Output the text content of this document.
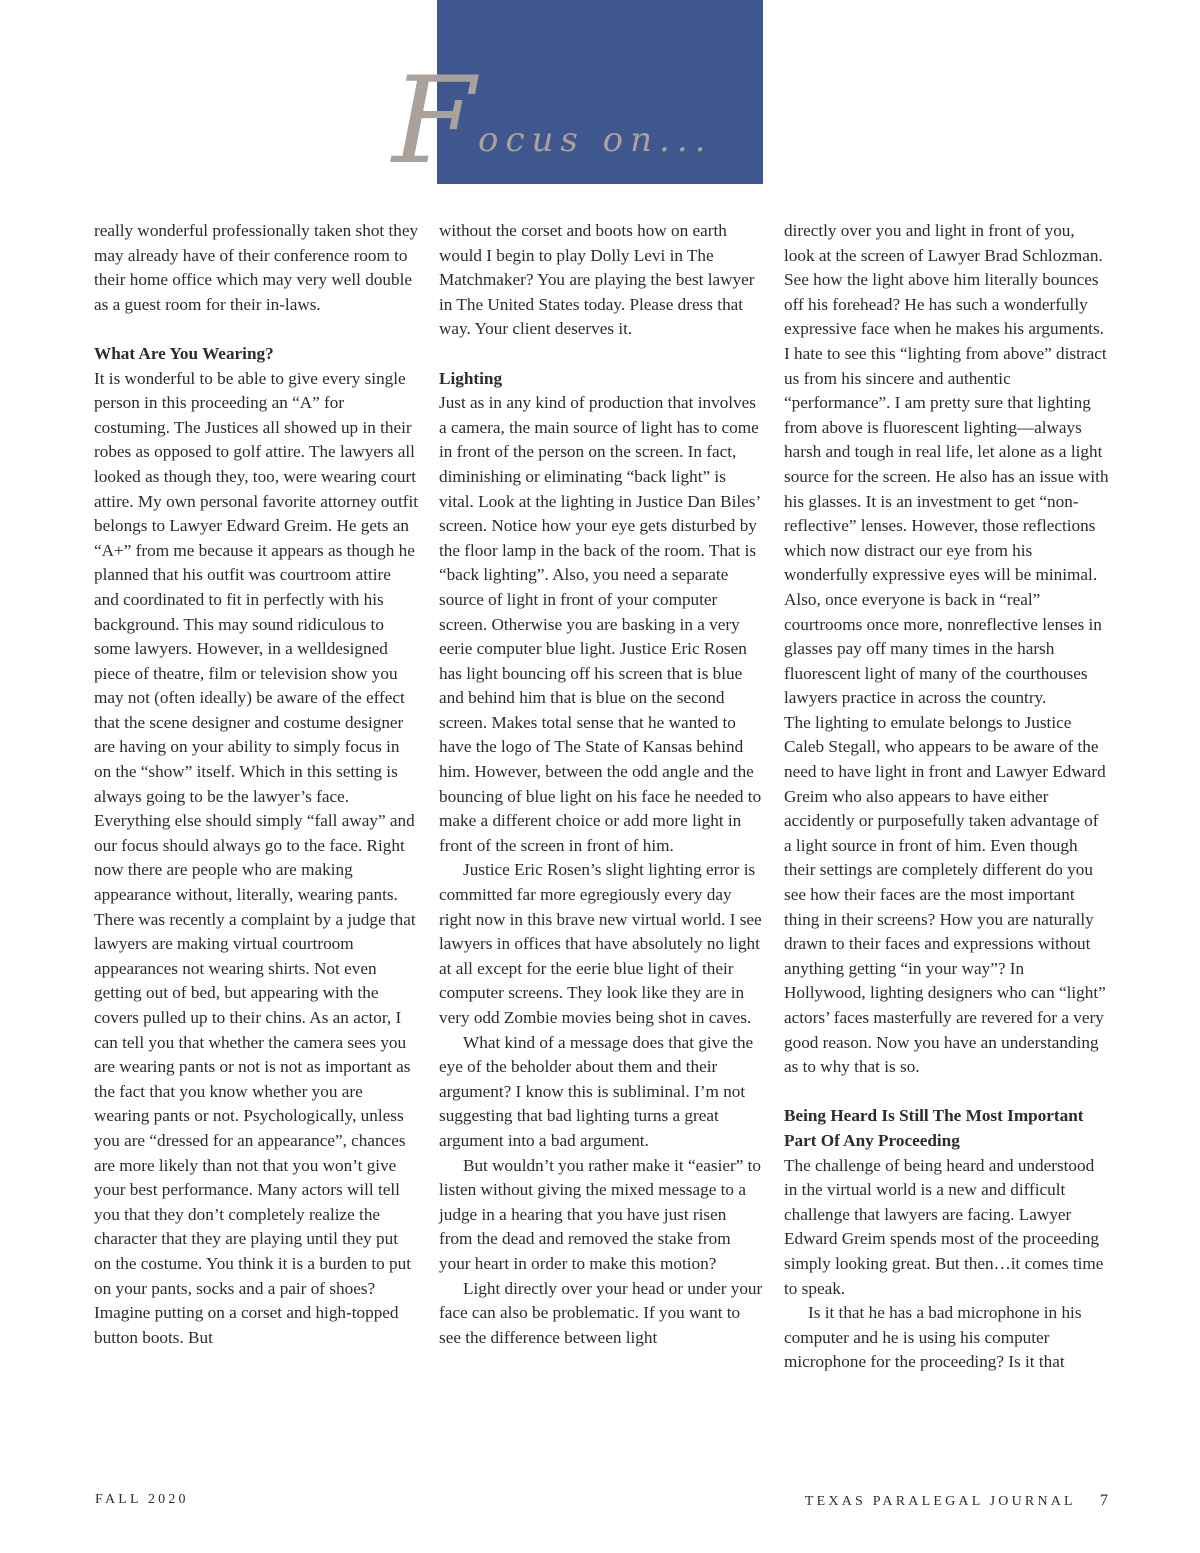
F ocus on...

really wonderful professionally taken shot they may already have of their conference room to their home office which may very well double as a guest room for their in-laws.

What Are You Wearing?

It is wonderful to be able to give every single person in this proceeding an “A” for costuming. The Justices all showed up in their robes as opposed to golf attire. The lawyers all looked as though they, too, were wearing court attire. My own personal favorite attorney outfit belongs to Lawyer Edward Greim. He gets an “A+” from me because it appears as though he planned that his outfit was courtroom attire and coordinated to fit in perfectly with his background. This may sound ridiculous to some lawyers. However, in a welldesigned piece of theatre, film or television show you may not (often ideally) be aware of the effect that the scene designer and costume designer are having on your ability to simply focus in on the “show” itself. Which in this setting is always going to be the lawyer’s face. Everything else should simply “fall away” and our focus should always go to the face. Right now there are people who are making appearance without, literally, wearing pants. There was recently a complaint by a judge that lawyers are making virtual courtroom appearances not wearing shirts. Not even getting out of bed, but appearing with the covers pulled up to their chins. As an actor, I can tell you that whether the camera sees you are wearing pants or not is not as important as the fact that you know whether you are wearing pants or not. Psychologically, unless you are “dressed for an appearance”, chances are more likely than not that you won’t give your best performance. Many actors will tell you that they don’t completely realize the character that they are playing until they put on the costume. You think it is a burden to put on your pants, socks and a pair of shoes? Imagine putting on a corset and high-topped button boots. But

without the corset and boots how on earth would I begin to play Dolly Levi in The Matchmaker? You are playing the best lawyer in The United States today. Please dress that way. Your client deserves it.

Lighting

Just as in any kind of production that involves a camera, the main source of light has to come in front of the person on the screen. In fact, diminishing or eliminating “back light” is vital. Look at the lighting in Justice Dan Biles’ screen. Notice how your eye gets disturbed by the floor lamp in the back of the room. That is “back lighting”. Also, you need a separate source of light in front of your computer screen. Otherwise you are basking in a very eerie computer blue light. Justice Eric Rosen has light bouncing off his screen that is blue and behind him that is blue on the second screen. Makes total sense that he wanted to have the logo of The State of Kansas behind him. However, between the odd angle and the bouncing of blue light on his face he needed to make a different choice or add more light in front of the screen in front of him.

Justice Eric Rosen’s slight lighting error is committed far more egregiously every day right now in this brave new virtual world. I see lawyers in offices that have absolutely no light at all except for the eerie blue light of their computer screens. They look like they are in very odd Zombie movies being shot in caves.

What kind of a message does that give the eye of the beholder about them and their argument? I know this is subliminal. I’m not suggesting that bad lighting turns a great argument into a bad argument.

But wouldn’t you rather make it “easier” to listen without giving the mixed message to a judge in a hearing that you have just risen from the dead and removed the stake from your heart in order to make this motion?

Light directly over your head or under your face can also be problematic. If you want to see the difference between light

directly over you and light in front of you, look at the screen of Lawyer Brad Schlozman. See how the light above him literally bounces off his forehead? He has such a wonderfully expressive face when he makes his arguments. I hate to see this “lighting from above” distract us from his sincere and authentic “performance”. I am pretty sure that lighting from above is fluorescent lighting—always harsh and tough in real life, let alone as a light source for the screen. He also has an issue with his glasses. It is an investment to get “non-reflective” lenses. However, those reflections which now distract our eye from his wonderfully expressive eyes will be minimal. Also, once everyone is back in “real” courtrooms once more, nonreflective lenses in glasses pay off many times in the harsh fluorescent light of many of the courthouses lawyers practice in across the country.

The lighting to emulate belongs to Justice Caleb Stegall, who appears to be aware of the need to have light in front and Lawyer Edward Greim who also appears to have either accidently or purposefully taken advantage of a light source in front of him. Even though their settings are completely different do you see how their faces are the most important thing in their screens? How you are naturally drawn to their faces and expressions without anything getting “in your way”? In Hollywood, lighting designers who can “light” actors’ faces masterfully are revered for a very good reason. Now you have an understanding as to why that is so.

Being Heard Is Still The Most Important Part Of Any Proceeding

The challenge of being heard and understood in the virtual world is a new and difficult challenge that lawyers are facing. Lawyer Edward Greim spends most of the proceeding simply looking great. But then…it comes time to speak.

Is it that he has a bad microphone in his computer and he is using his computer microphone for the proceeding? Is it that

FALL 2020	TEXAS PARALEGAL JOURNAL 7
